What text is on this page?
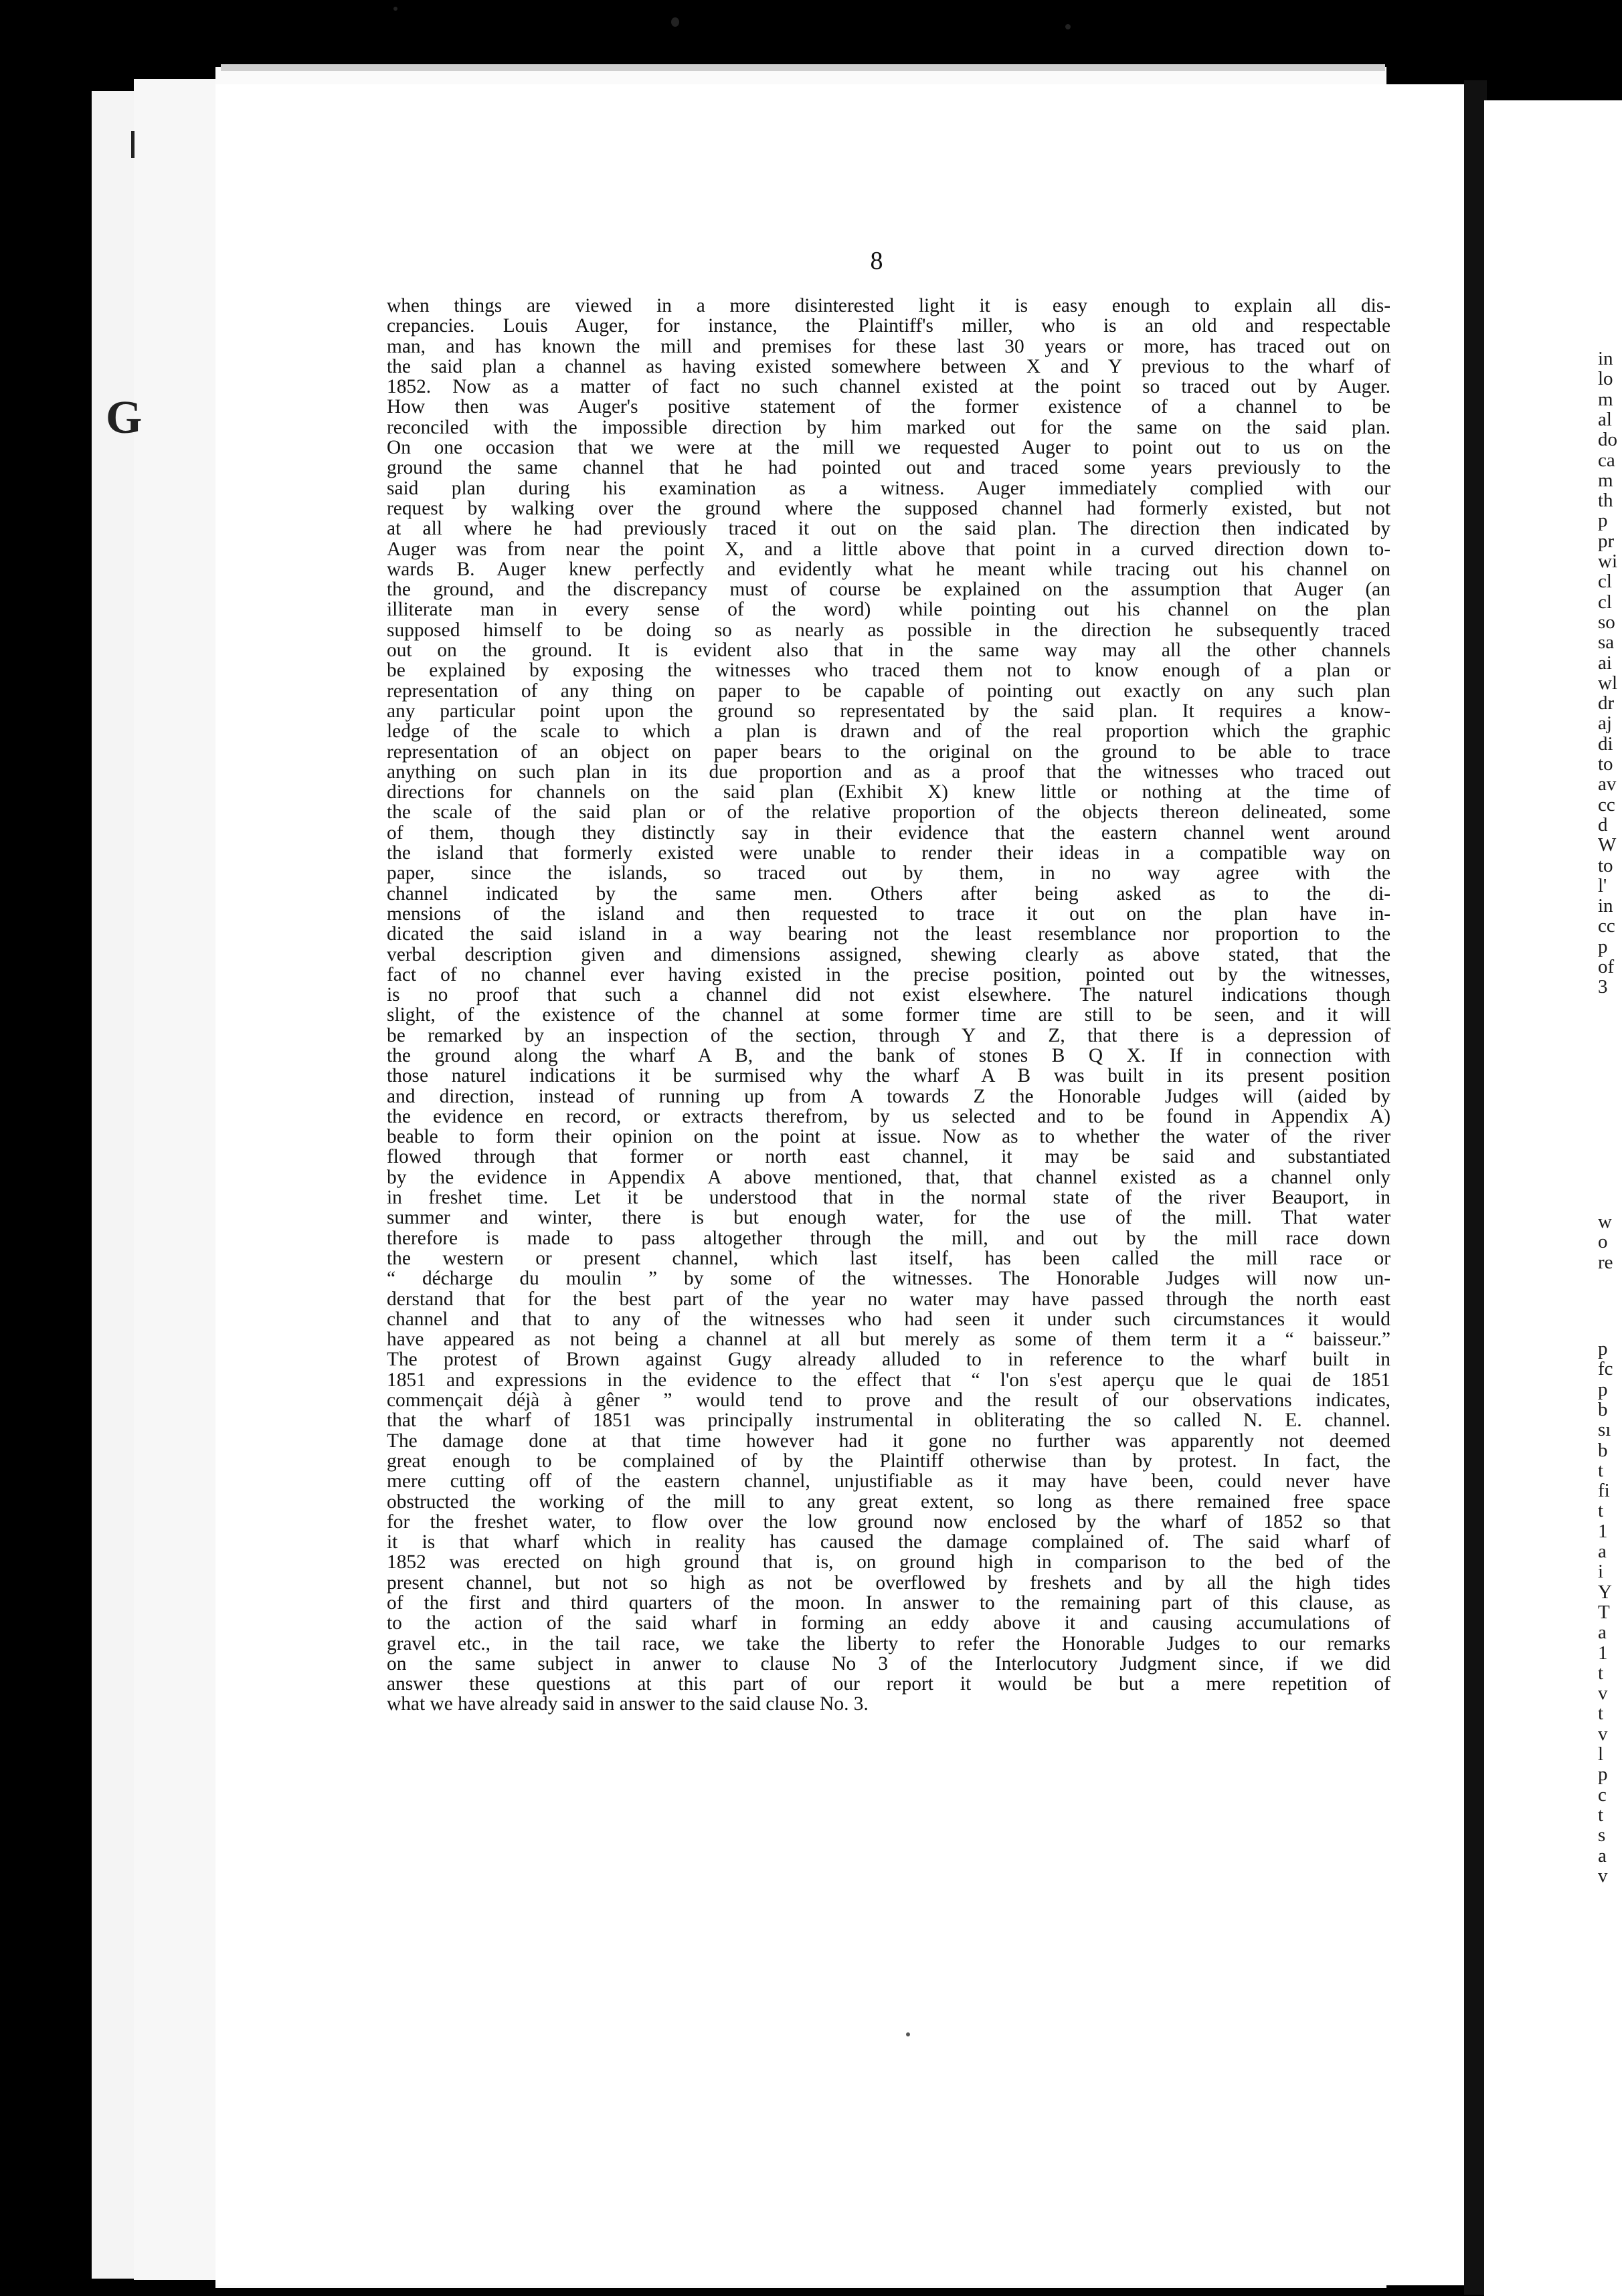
G
8
when things are viewed in a more disinterested light it is easy enough to explain all dis-
crepancies. Louis Auger, for instance, the Plaintiff's miller, who is an old and respectable
man, and has known the mill and premises for these last 30 years or more, has traced out on
the said plan a channel as having existed somewhere between X and Y previous to the wharf of
1852. Now as a matter of fact no such channel existed at the point so traced out by Auger.
How then was Auger's positive statement of the former existence of a channel to be
reconciled with the impossible direction by him marked out for the same on the said plan.
On one occasion that we were at the mill we requested Auger to point out to us on the
ground the same channel that he had pointed out and traced some years previously to the
said plan during his examination as a witness. Auger immediately complied with our
request by walking over the ground where the supposed channel had formerly existed, but not
at all where he had previously traced it out on the said plan. The direction then indicated by
Auger was from near the point X, and a little above that point in a curved direction down to-
wards B. Auger knew perfectly and evidently what he meant while tracing out his channel on
the ground, and the discrepancy must of course be explained on the assumption that Auger (an
illiterate man in every sense of the word) while pointing out his channel on the plan
supposed himself to be doing so as nearly as possible in the direction he subsequently traced
out on the ground. It is evident also that in the same way may all the other channels
be explained by exposing the witnesses who traced them not to know enough of a plan or
representation of any thing on paper to be capable of pointing out exactly on any such plan
any particular point upon the ground so representated by the said plan. It requires a know-
ledge of the scale to which a plan is drawn and of the real proportion which the graphic
representation of an object on paper bears to the original on the ground to be able to trace
anything on such plan in its due proportion and as a proof that the witnesses who traced out
directions for channels on the said plan (Exhibit X) knew little or nothing at the time of
the scale of the said plan or of the relative proportion of the objects thereon delineated, some
of them, though they distinctly say in their evidence that the eastern channel went around
the island that formerly existed were unable to render their ideas in a compatible way on
paper, since the islands, so traced out by them, in no way agree with the
channel indicated by the same men. Others after being asked as to the di-
mensions of the island and then requested to trace it out on the plan have in-
dicated the said island in a way bearing not the least resemblance nor proportion to the
verbal description given and dimensions assigned, shewing clearly as above stated, that the
fact of no channel ever having existed in the precise position, pointed out by the witnesses,
is no proof that such a channel did not exist elsewhere. The naturel indications though
slight, of the existence of the channel at some former time are still to be seen, and it will
be remarked by an inspection of the section, through Y and Z, that there is a depression of
the ground along the wharf A B, and the bank of stones B Q X. If in connection with
those naturel indications it be surmised why the wharf A B was built in its present position
and direction, instead of running up from A towards Z the Honorable Judges will (aided by
the evidence en record, or extracts therefrom, by us selected and to be found in Appendix A)
beable to form their opinion on the point at issue. Now as to whether the water of the river
flowed through that former or north east channel, it may be said and substantiated
by the evidence in Appendix A above mentioned, that, that channel existed as a channel only
in freshet time. Let it be understood that in the normal state of the river Beauport, in
summer and winter, there is but enough water, for the use of the mill. That water
therefore is made to pass altogether through the mill, and out by the mill race down
the western or present channel, which last itself, has been called the mill race or
“ décharge du moulin ” by some of the witnesses. The Honorable Judges will now un-
derstand that for the best part of the year no water may have passed through the north east
channel and that to any of the witnesses who had seen it under such circumstances it would
have appeared as not being a channel at all but merely as some of them term it a “ baisseur.”
The protest of Brown against Gugy already alluded to in reference to the wharf built in
1851 and expressions in the evidence to the effect that “ l'on s'est aperçu que le quai de 1851
commençait déjà à gêner ” would tend to prove and the result of our observations indicates,
that the wharf of 1851 was principally instrumental in obliterating the so called N. E. channel.
The damage done at that time however had it gone no further was apparently not deemed
great enough to be complained of by the Plaintiff otherwise than by protest. In fact, the
mere cutting off of the eastern channel, unjustifiable as it may have been, could never have
obstructed the working of the mill to any great extent, so long as there remained free space
for the freshet water, to flow over the low ground now enclosed by the wharf of 1852 so that
it is that wharf which in reality has caused the damage complained of. The said wharf of
1852 was erected on high ground that is, on ground high in comparison to the bed of the
present channel, but not so high as not be overflowed by freshets and by all the high tides
of the first and third quarters of the moon. In answer to the remaining part of this clause, as
to the action of the said wharf in forming an eddy above it and causing accumulations of
gravel etc., in the tail race, we take the liberty to refer the Honorable Judges to our remarks
on the same subject in anwer to clause No 3 of the Interlocutory Judgment since, if we did
answer these questions at this part of our report it would be but a mere repetition of
what we have already said in answer to the said clause No. 3.
in
lo
m
al
do
ca
m
th
p
pr
wi
cl
cl
so
sa
ai
wl
dr
aj
di
to
av
cc
d
W
to
l'
in
cc
p
of
3
w
o
re
p
fc
p
b
sı
b
t
fi
t
1
a
i
Y
T
a
1
t
v
t
v
l
p
c
t
s
a
v
